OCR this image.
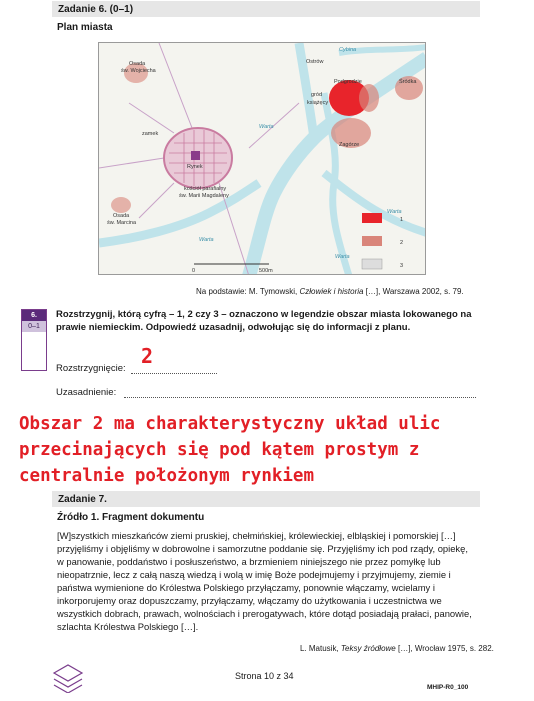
Zadanie 6. (0–1)
Plan miasta
Osada
św. Wojciecha
Ostrów
Podgrodzie
gród
książęcy
Śródka
zamek
Rynek
kościół parafialny
św. Marii Magdaleny
Zagórze
Osada
św. Marcina
Cybina
Warta
Warta
Warta
Warta
0	500m
1
2
3
Na podstawie: M. Tymowski, Człowiek i historia […], Warszawa 2002, s. 79.
6.
0–1
Rozstrzygnij, którą cyfrą – 1, 2 czy 3 – oznaczono w legendzie obszar miasta lokowanego na prawie niemieckim. Odpowiedź uzasadnij, odwołując się do informacji z planu.
Rozstrzygnięcie:
2
Uzasadnienie:
Obszar 2 ma charakterystyczny układ ulic przecinających się pod kątem prostym z centralnie położonym rynkiem
Zadanie 7.
Źródło 1. Fragment dokumentu
[W]szystkich mieszkańców ziemi pruskiej, chełmińskiej, królewieckiej, elbląskiej i pomorskiej […] przyjęliśmy i objęliśmy w dobrowolne i samorzutne poddanie się. Przyjęliśmy ich pod rządy, opiekę, w panowanie, poddaństwo i posłuszeństwo, a brzmieniem niniejszego nie przez pomyłkę lub nieopatrznie, lecz z całą naszą wiedzą i wolą w imię Boże podejmujemy i przyjmujemy, ziemie i państwa wymienione do Królestwa Polskiego przyłączamy, ponownie włączamy, wcielamy i inkorporujemy oraz dopuszczamy, przyłączamy, włączamy do użytkowania i uczestnictwa we wszystkich dobrach, prawach, wolnościach i prerogatywach, które dotąd posiadają prałaci, panowie, szlachta Królestwa Polskiego […].
L. Matusik, Teksy źródłowe […], Wrocław 1975, s. 282.
Strona 10 z 34
MHIP-R0_100
